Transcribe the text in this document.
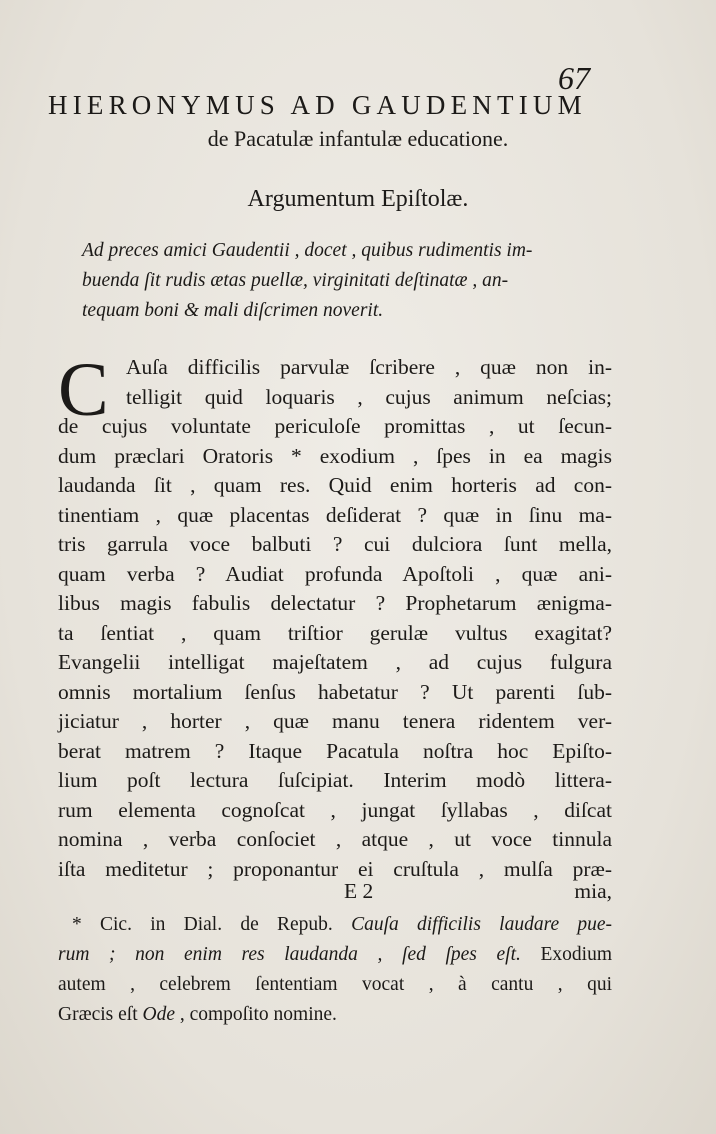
67
HIERONYMUS AD GAUDENTIUM
de Pacatulæ infantulæ educatione.
Argumentum Epiſtolæ.
Ad preces amici Gaudentii , docet , quibus rudimentis im-
buenda ſit rudis ætas puellæ, virginitati deſtinatæ , an-
tequam boni & mali diſcrimen noverit.
C Auſa difficilis parvulæ ſcribere , quæ non in-
telligit quid loquaris , cujus animum neſcias;
de cujus voluntate periculoſe promittas , ut ſecun-
dum præclari Oratoris * exodium , ſpes in ea magis
laudanda ſit , quam res. Quid enim horteris ad con-
tinentiam , quæ placentas deſiderat ? quæ in ſinu ma-
tris garrula voce balbuti ? cui dulciora ſunt mella,
quam verba ? Audiat profunda Apoſtoli , quæ ani-
libus magis fabulis delectatur ? Prophetarum ænigma-
ta ſentiat , quam triſtior gerulæ vultus exagitat?
Evangelii intelligat majeſtatem , ad cujus fulgura
omnis mortalium ſenſus habetatur ? Ut parenti ſub-
jiciatur , horter , quæ manu tenera ridentem ver-
berat matrem ? Itaque Pacatula noſtra hoc Epiſto-
lium poſt lectura ſuſcipiat. Interim modò littera-
rum elementa cognoſcat , jungat ſyllabas , diſcat
nomina , verba conſociet , atque , ut voce tinnula
iſta meditetur ; proponantur ei cruſtula , mulſa præ-
E 2	mia,
* Cic. in Dial. de Repub. Cauſa difficilis laudare pue-
rum ; non enim res laudanda , ſed ſpes eſt. Exodium
autem , celebrem ſententiam vocat , à cantu , qui
Græcis eſt Ode , compoſito nomine.
